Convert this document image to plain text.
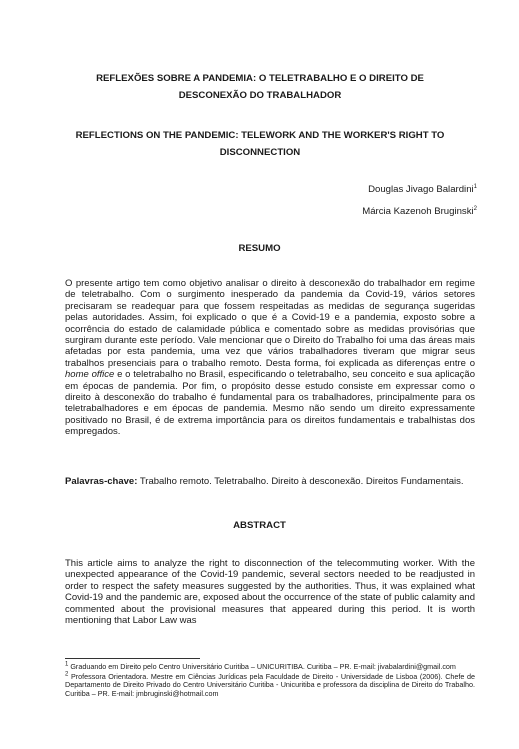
REFLEXÕES SOBRE A PANDEMIA: O TELETRABALHO E O DIREITO DE DESCONEXÃO DO TRABALHADOR
REFLECTIONS ON THE PANDEMIC: TELEWORK AND THE WORKER'S RIGHT TO DISCONNECTION

Douglas Jivago Balardini$^1$

Márcia Kazenoh Bruginski$^2$

RESUMO

O presente artigo tem como objetivo analisar o direito à desconexão do trabalhador em regime de teletrabalho. Com o surgimento inesperado da pandemia da Covid-19, vários setores precisaram se readequar para que fossem respeitadas as medidas de segurança sugeridas pelas autoridades. Assim, foi explicado o que é a Covid-19 e a pandemia, exposto sobre a ocorrência do estado de calamidade pública e comentado sobre as medidas provisórias que surgiram durante este período. Vale mencionar que o Direito do Trabalho foi uma das áreas mais afetadas por esta pandemia, uma vez que vários trabalhadores tiveram que migrar seus trabalhos presenciais para o trabalho remoto. Desta forma, foi explicada as diferenças entre o home office e o teletrabalho no Brasil, especificando o teletrabalho, seu conceito e sua aplicação em épocas de pandemia. Por fim, o propósito desse estudo consiste em expressar como o direito à desconexão do trabalho é fundamental para os trabalhadores, principalmente para os teletrabalhadores e em épocas de pandemia. Mesmo não sendo um direito expressamente positivado no Brasil, é de extrema importância para os direitos fundamentais e trabalhistas dos empregados.

Palavras-chave: Trabalho remoto. Teletrabalho. Direito à desconexão. Direitos Fundamentais.

ABSTRACT

This article aims to analyze the right to disconnection of the telecommuting worker. With the unexpected appearance of the Covid-19 pandemic, several sectors needed to be readjusted in order to respect the safety measures suggested by the authorities. Thus, it was explained what Covid-19 and the pandemic are, exposed about the occurrence of the state of public calamity and commented about the provisional measures that appeared during this period. It is worth mentioning that Labor Law was

$^1$ Graduando em Direito pelo Centro Universitário Curitiba – UNICURITIBA. Curitiba – PR. E-mail: jivabalardini@gmail.com

$^2$ Professora Orientadora. Mestre em Ciências Jurídicas pela Faculdade de Direito - Universidade de Lisboa (2006). Chefe de Departamento de Direito Privado do Centro Universitário Curitiba - Unicuritiba e professora da disciplina de Direito do Trabalho. Curitiba – PR. E-mail: jmbruginski@hotmail.com
